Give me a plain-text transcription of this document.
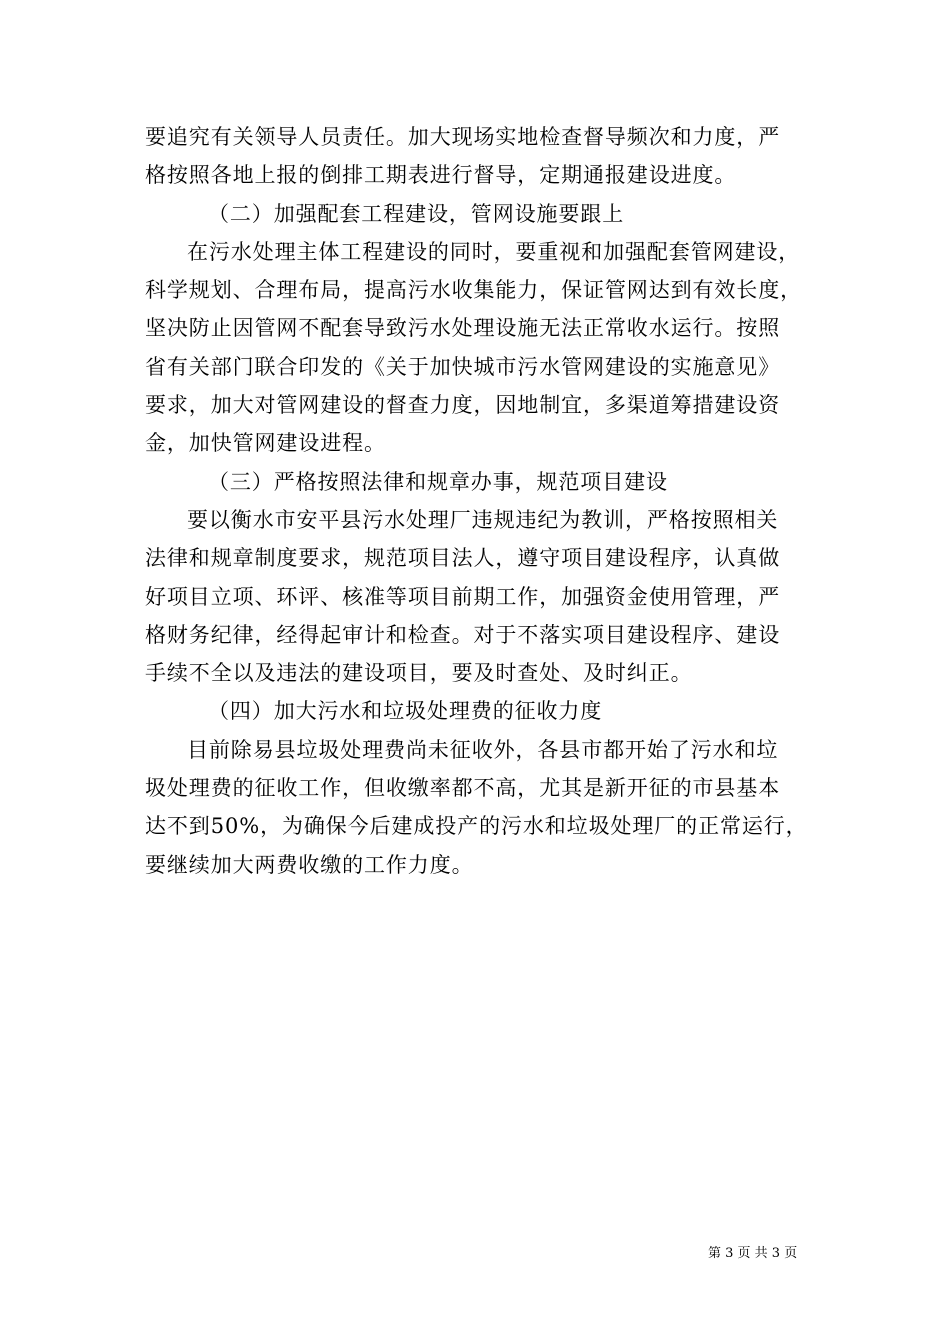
要追究有关领导人员责任。加大现场实地检查督导频次和力度，严
格按照各地上报的倒排工期表进行督导，定期通报建设进度。
（二）加强配套工程建设，管网设施要跟上
在污水处理主体工程建设的同时，要重视和加强配套管网建设，
科学规划、合理布局，提高污水收集能力，保证管网达到有效长度，
坚决防止因管网不配套导致污水处理设施无法正常收水运行。按照
省有关部门联合印发的《关于加快城市污水管网建设的实施意见》
要求，加大对管网建设的督查力度，因地制宜，多渠道筹措建设资
金，加快管网建设进程。
（三）严格按照法律和规章办事，规范项目建设
要以衡水市安平县污水处理厂违规违纪为教训，严格按照相关
法律和规章制度要求，规范项目法人，遵守项目建设程序，认真做
好项目立项、环评、核准等项目前期工作，加强资金使用管理，严
格财务纪律，经得起审计和检查。对于不落实项目建设程序、建设
手续不全以及违法的建设项目，要及时查处、及时纠正。
（四）加大污水和垃圾处理费的征收力度
目前除易县垃圾处理费尚未征收外，各县市都开始了污水和垃
圾处理费的征收工作，但收缴率都不高，尤其是新开征的市县基本
达不到50%，为确保今后建成投产的污水和垃圾处理厂的正常运行，
要继续加大两费收缴的工作力度。
第 3 页 共 3 页
